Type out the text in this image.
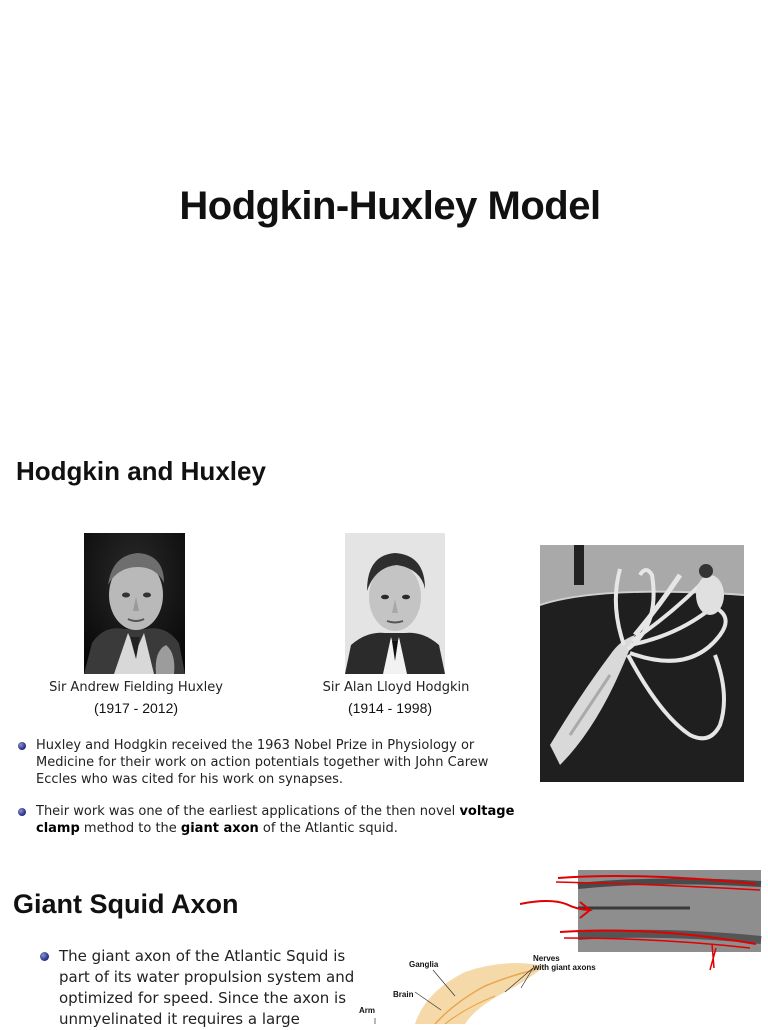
Hodgkin-Huxley Model
Hodgkin and Huxley
Sir Andrew Fielding Huxley
(1917 - 2012)
Sir Alan Lloyd Hodgkin
(1914 - 1998)
Huxley and Hodgkin received the 1963 Nobel Prize in Physiology or
Medicine for their work on action potentials together with John Carew
Eccles who was cited for his work on synapses.
Their work was one of the earliest applications of the then novel voltage
clamp method to the giant axon of the Atlantic squid.
Giant Squid Axon
The giant axon of the Atlantic Squid is
part of its water propulsion system and
optimized for speed. Since the axon is
unmyelinated it requires a large
Ganglia
Nerves
with giant axons
Brain
Arm
